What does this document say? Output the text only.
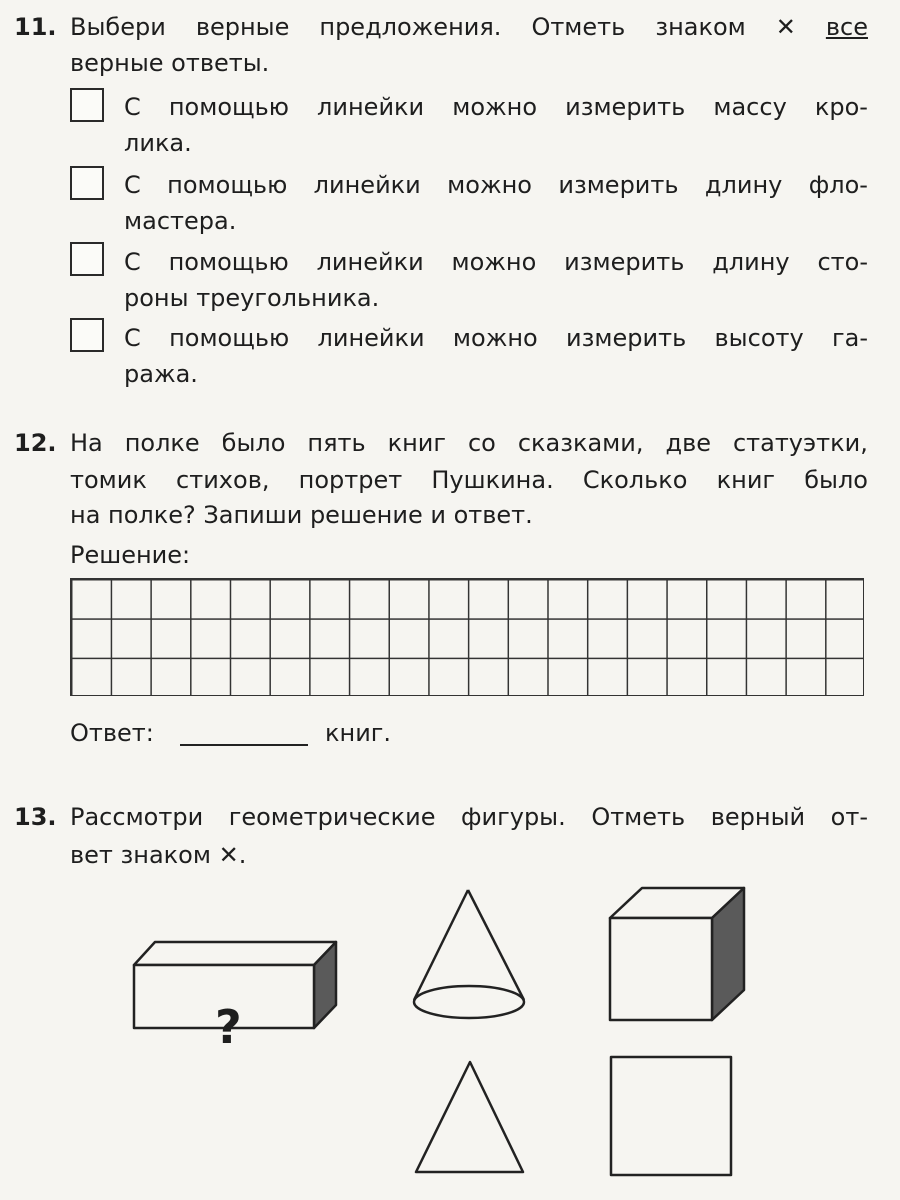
11. Выбери верные предложения. Отметь знаком ✕ все
верные ответы.
С помощью линейки можно измерить массу кро-
лика.
С помощью линейки можно измерить длину фло-
мастера.
С помощью линейки можно измерить длину сто-
роны треугольника.
С помощью линейки можно измерить высоту га-
ража.
12. На полке было пять книг со сказками, две статуэтки,
томик стихов, портрет Пушкина. Сколько книг было
на полке? Запиши решение и ответ.
Решение:
Ответ:	книг.
13. Рассмотри геометрические фигуры. Отметь верный от-
вет знаком ✕.
?
